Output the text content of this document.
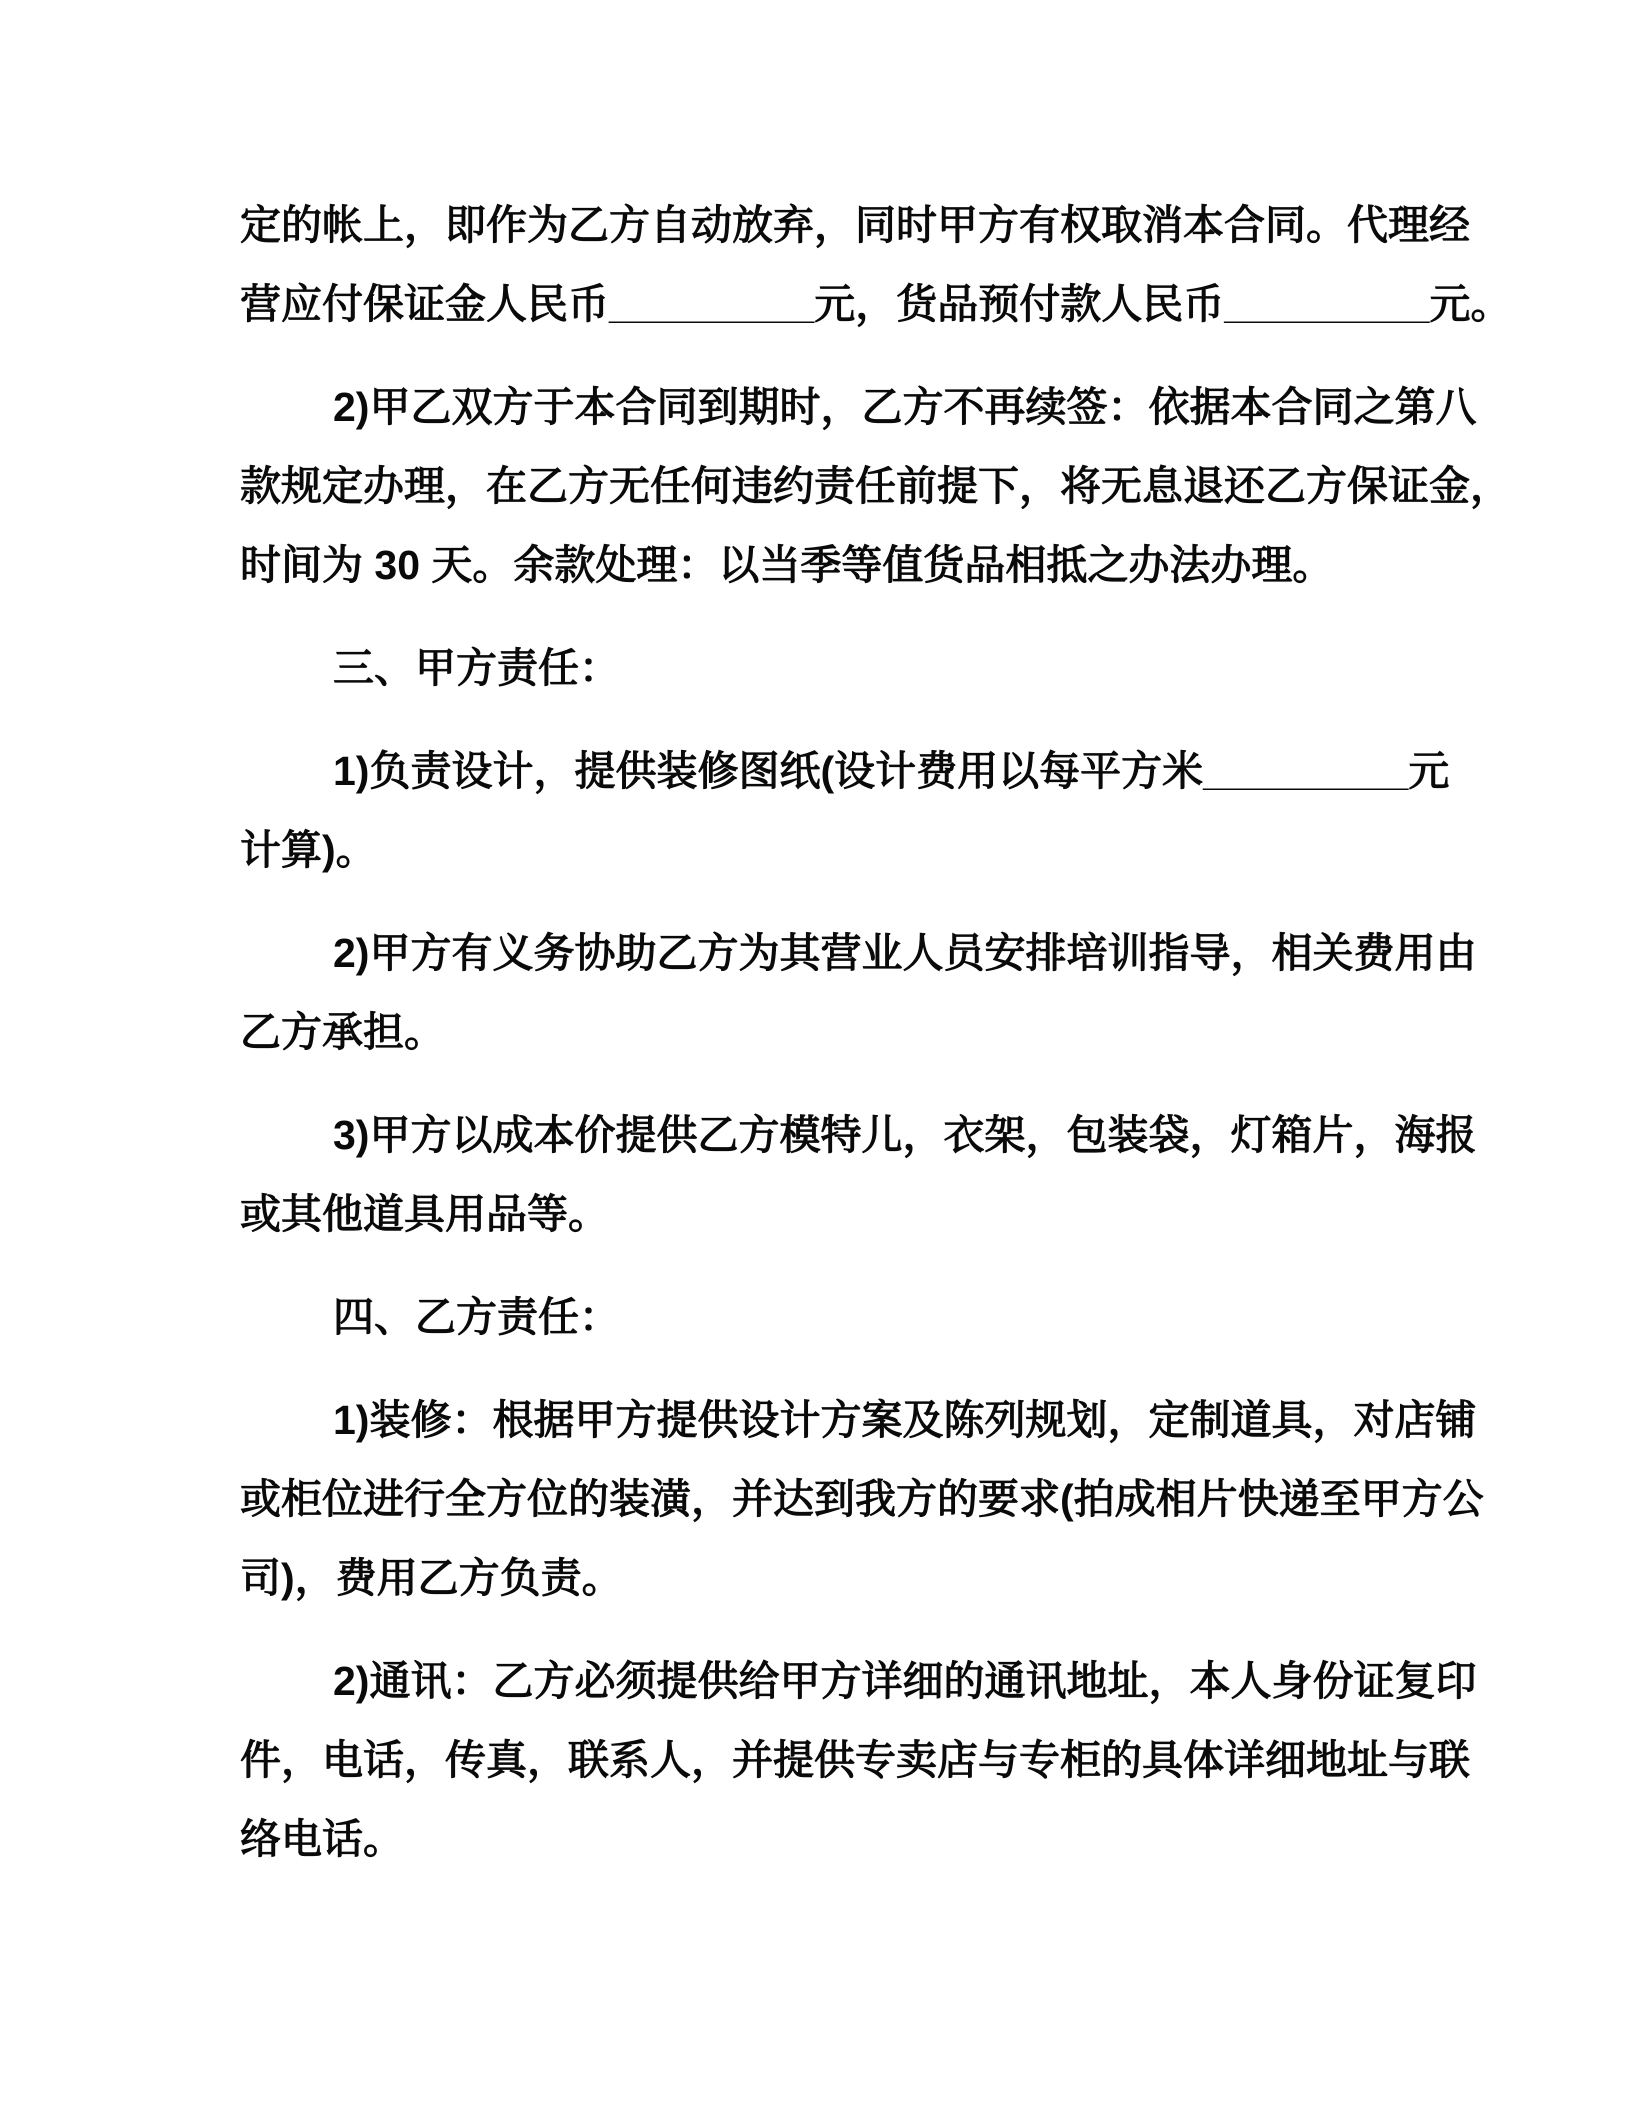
定的帐上，即作为乙方自动放弃，同时甲方有权取消本合同。代理经
营应付保证金人民币_________元，货品预付款人民币_________元。
2)甲乙双方于本合同到期时，乙方不再续签：依据本合同之第八
款规定办理，在乙方无任何违约责任前提下，将无息退还乙方保证金，
时间为 30 天。余款处理：以当季等值货品相抵之办法办理。
三、甲方责任：
1)负责设计，提供装修图纸(设计费用以每平方米_________元
计算)。
2)甲方有义务协助乙方为其营业人员安排培训指导，相关费用由
乙方承担。
3)甲方以成本价提供乙方模特儿，衣架，包装袋，灯箱片，海报
或其他道具用品等。
四、乙方责任：
1)装修：根据甲方提供设计方案及陈列规划，定制道具，对店铺
或柜位进行全方位的装潢，并达到我方的要求(拍成相片快递至甲方公
司)，费用乙方负责。
2)通讯：乙方必须提供给甲方详细的通讯地址，本人身份证复印
件，电话，传真，联系人，并提供专卖店与专柜的具体详细地址与联
络电话。
